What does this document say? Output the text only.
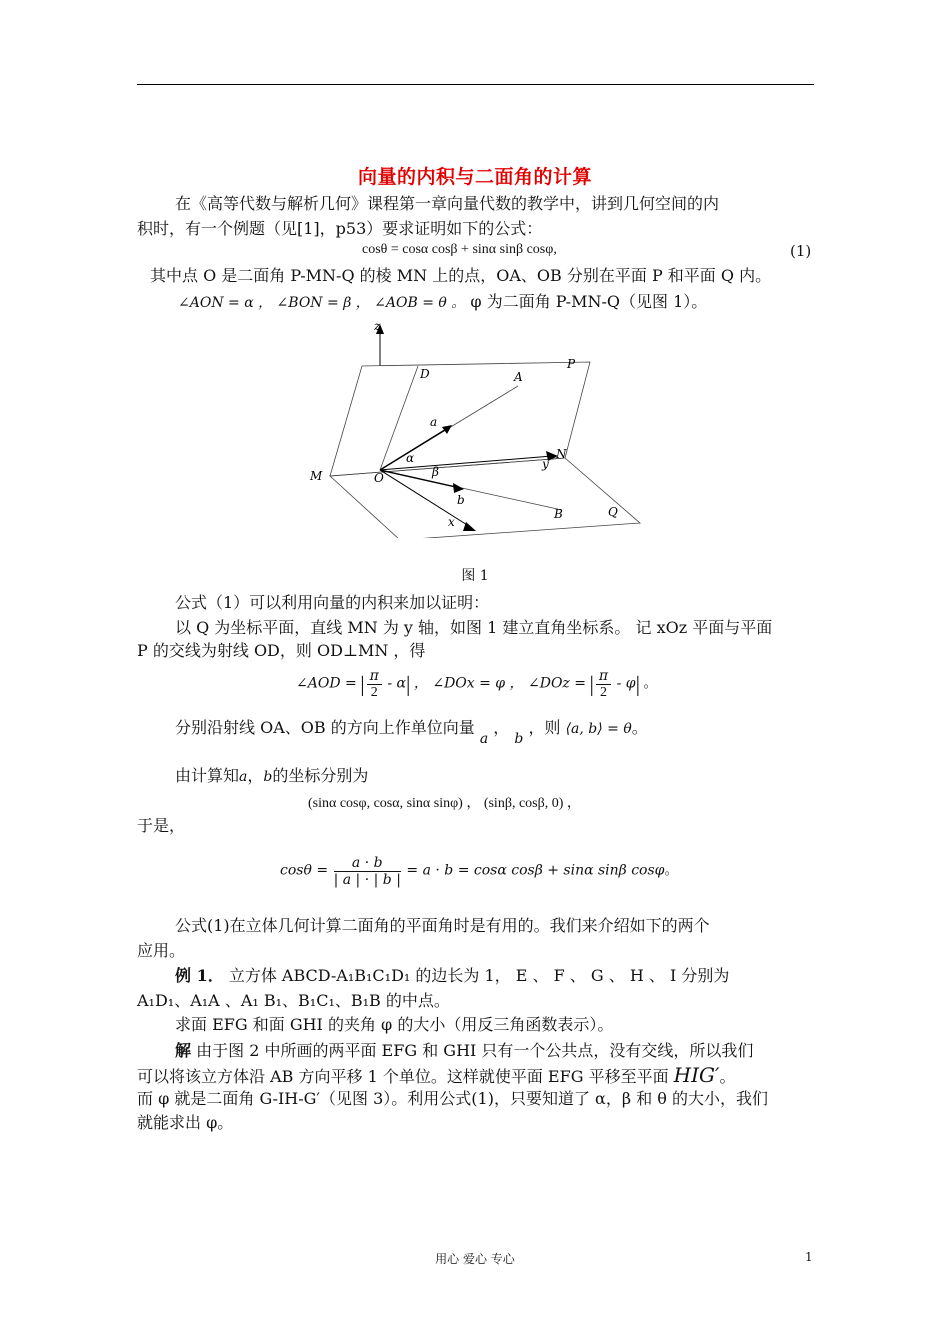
向量的内积与二面角的计算
在《高等代数与解析几何》课程第一章向量代数的教学中，讲到几何空间的内
积时，有一个例题（见[1]，p53）要求证明如下的公式：
cosθ = cosα cosβ + sinα sinβ cosφ,	(1)
其中点 O 是二面角 P-MN-Q 的棱 MN 上的点，OA、OB 分别在平面 P 和平面 Q 内。
∠AON = α ， ∠BON = β ， ∠AOB = θ 。 φ 为二面角 P-MN-Q（见图 1）。
z
D	A
P
a
α	N
y
M	O	β
b
x
B	Q
图 1
公式（1）可以利用向量的内积来加以证明：
以 Q 为坐标平面，直线 MN 为 y 轴，如图 1 建立直角坐标系。 记 xOz 平面与平面
P 的交线为射线 OD，则 OD⊥MN ，得
∠AOD = | $\frac{\pi}{2} - \alpha|$ ， ∠DOx = φ ， ∠DOz = | $\frac{\pi}{2} - \varphi|$ 。
分别沿射线 OA、OB 的方向上作单位向量 a ， b ，则 ⟨a, b⟩ = θ。
由计算知a，b的坐标分别为
(sinα cosφ, cosα, sinα sinφ) ， (sinβ, cosβ, 0) ，
于是，
$\cos\theta = \frac{a \cdot b}{| a | \cdot | b |} = a \cdot b = \cos\alpha$ cosβ + sinα sinβ cosφ。
公式(1)在立体几何计算二面角的平面角时是有用的。我们来介绍如下的两个
应用。
例 1． 立方体 ABCD-A₁B₁C₁D₁ 的边长为 1， E 、 F 、 G 、 H 、 I 分别为
A₁D₁、A₁A 、A₁ B₁、B₁C₁、B₁B 的中点。
求面 EFG 和面 GHI 的夹角 φ 的大小（用反三角函数表示）。
解 由于图 2 中所画的两平面 EFG 和 GHI 只有一个公共点，没有交线，所以我们
可以将该立方体沿 AB 方向平移 1 个单位。这样就使平面 EFG 平移至平面 HIG′。
而 φ 就是二面角 G-IH-G′（见图 3）。利用公式(1)，只要知道了 α，β 和 θ 的大小，我们
就能求出 φ。
用心 爱心 专心	1
